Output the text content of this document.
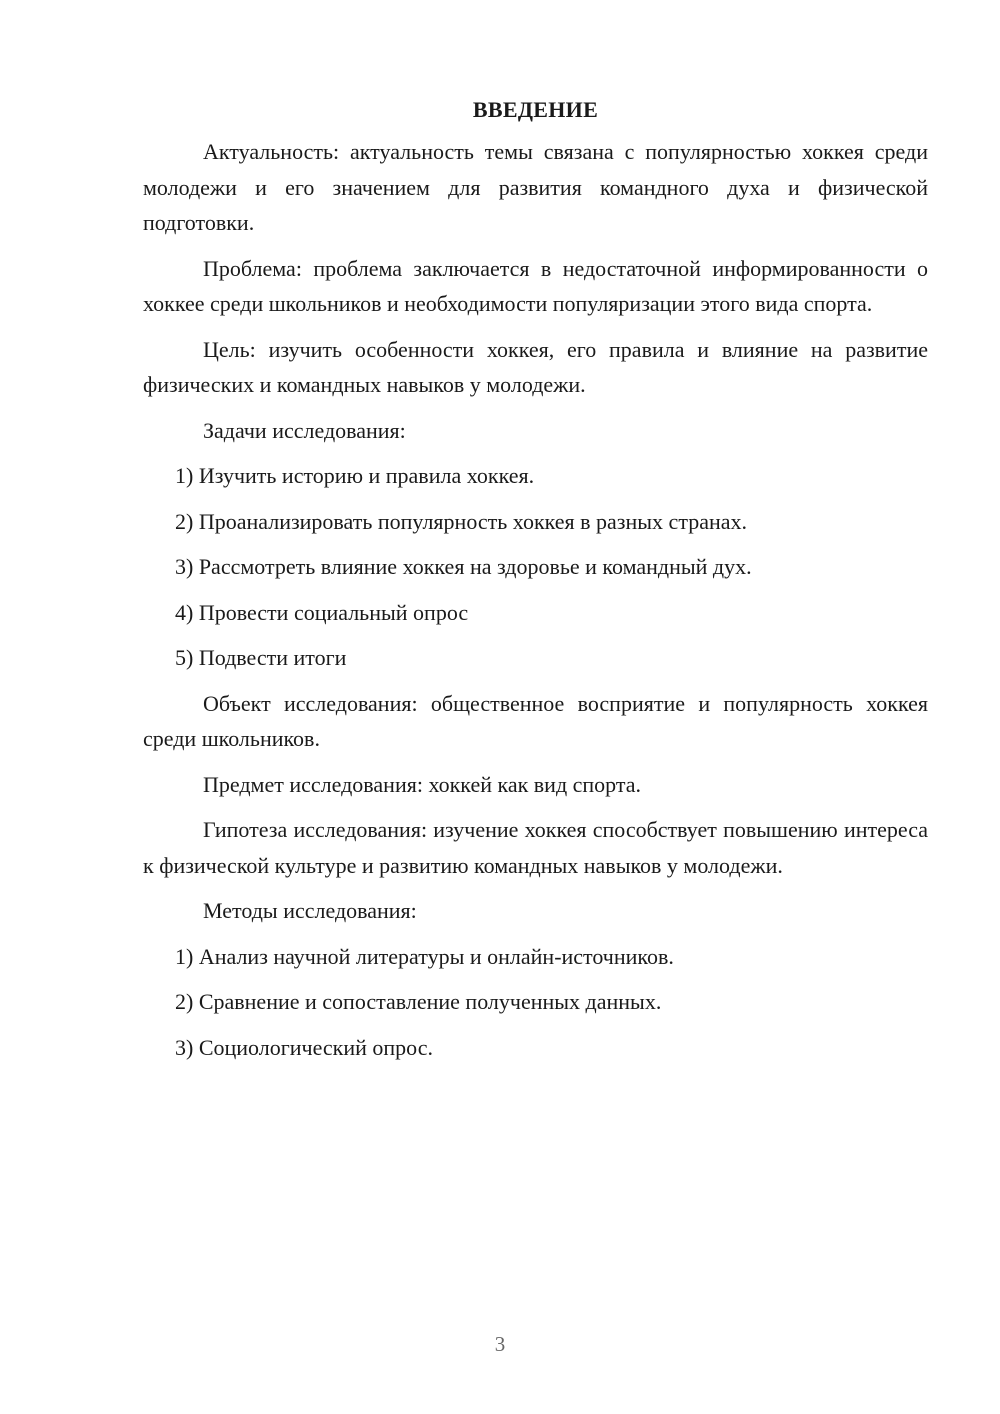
ВВЕДЕНИЕ

Актуальность: актуальность темы связана с популярностью хоккея среди молодежи и его значением для развития командного духа и физической подготовки.

Проблема: проблема заключается в недостаточной информированности о хоккее среди школьников и необходимости популяризации этого вида спорта.

Цель: изучить особенности хоккея, его правила и влияние на развитие физических и командных навыков у молодежи.

Задачи исследования:

1) Изучить историю и правила хоккея.

2) Проанализировать популярность хоккея в разных странах.

3) Рассмотреть влияние хоккея на здоровье и командный дух.

4) Провести социальный опрос

5) Подвести итоги

Объект исследования: общественное восприятие и популярность хоккея среди школьников.

Предмет исследования: хоккей как вид спорта.

Гипотеза исследования: изучение хоккея способствует повышению интереса к физической культуре и развитию командных навыков у молодежи.

Методы исследования:

1) Анализ научной литературы и онлайн-источников.

2) Сравнение и сопоставление полученных данных.

3) Социологический опрос.

3
